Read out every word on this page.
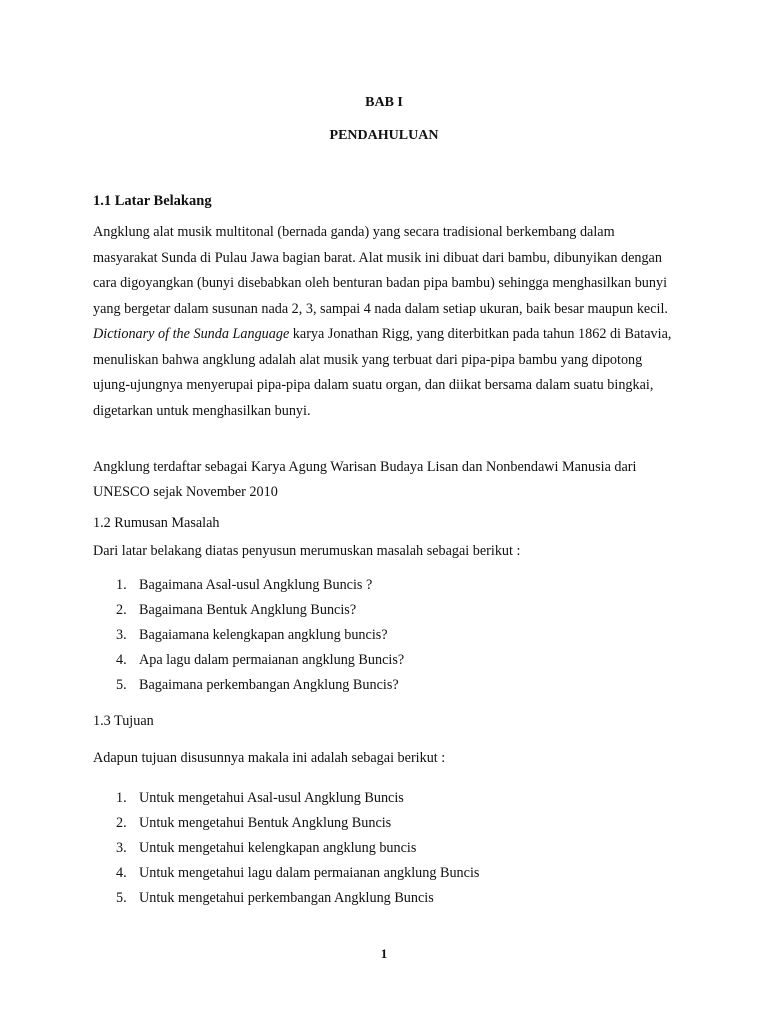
BAB I
PENDAHULUAN
1.1 Latar Belakang

Angklung alat musik multitonal (bernada ganda) yang secara tradisional berkembang dalam masyarakat Sunda di Pulau Jawa bagian barat. Alat musik ini dibuat dari bambu, dibunyikan dengan cara digoyangkan (bunyi disebabkan oleh benturan badan pipa bambu) sehingga menghasilkan bunyi yang bergetar dalam susunan nada 2, 3, sampai 4 nada dalam setiap ukuran, baik besar maupun kecil. Dictionary of the Sunda Language karya Jonathan Rigg, yang diterbitkan pada tahun 1862 di Batavia, menuliskan bahwa angklung adalah alat musik yang terbuat dari pipa-pipa bambu yang dipotong ujung-ujungnya menyerupai pipa-pipa dalam suatu organ, dan diikat bersama dalam suatu bingkai, digetarkan untuk menghasilkan bunyi.

Angklung terdaftar sebagai Karya Agung Warisan Budaya Lisan dan Nonbendawi Manusia dari UNESCO sejak November 2010

1.2 Rumusan Masalah
Dari latar belakang diatas penyusun merumuskan masalah sebagai berikut :
1. Bagaimana Asal-usul Angklung Buncis ?
2. Bagaimana Bentuk Angklung Buncis?
3. Bagaiamana kelengkapan angklung buncis?
4. Apa lagu dalam permaianan angklung Buncis?
5. Bagaimana perkembangan Angklung Buncis?
1.3 Tujuan
Adapun tujuan disusunnya makala ini adalah sebagai berikut :
1. Untuk mengetahui Asal-usul Angklung Buncis
2. Untuk mengetahui Bentuk Angklung Buncis
3. Untuk mengetahui kelengkapan angklung buncis
4. Untuk mengetahui lagu dalam permaianan angklung Buncis
5. Untuk mengetahui perkembangan Angklung Buncis
1
